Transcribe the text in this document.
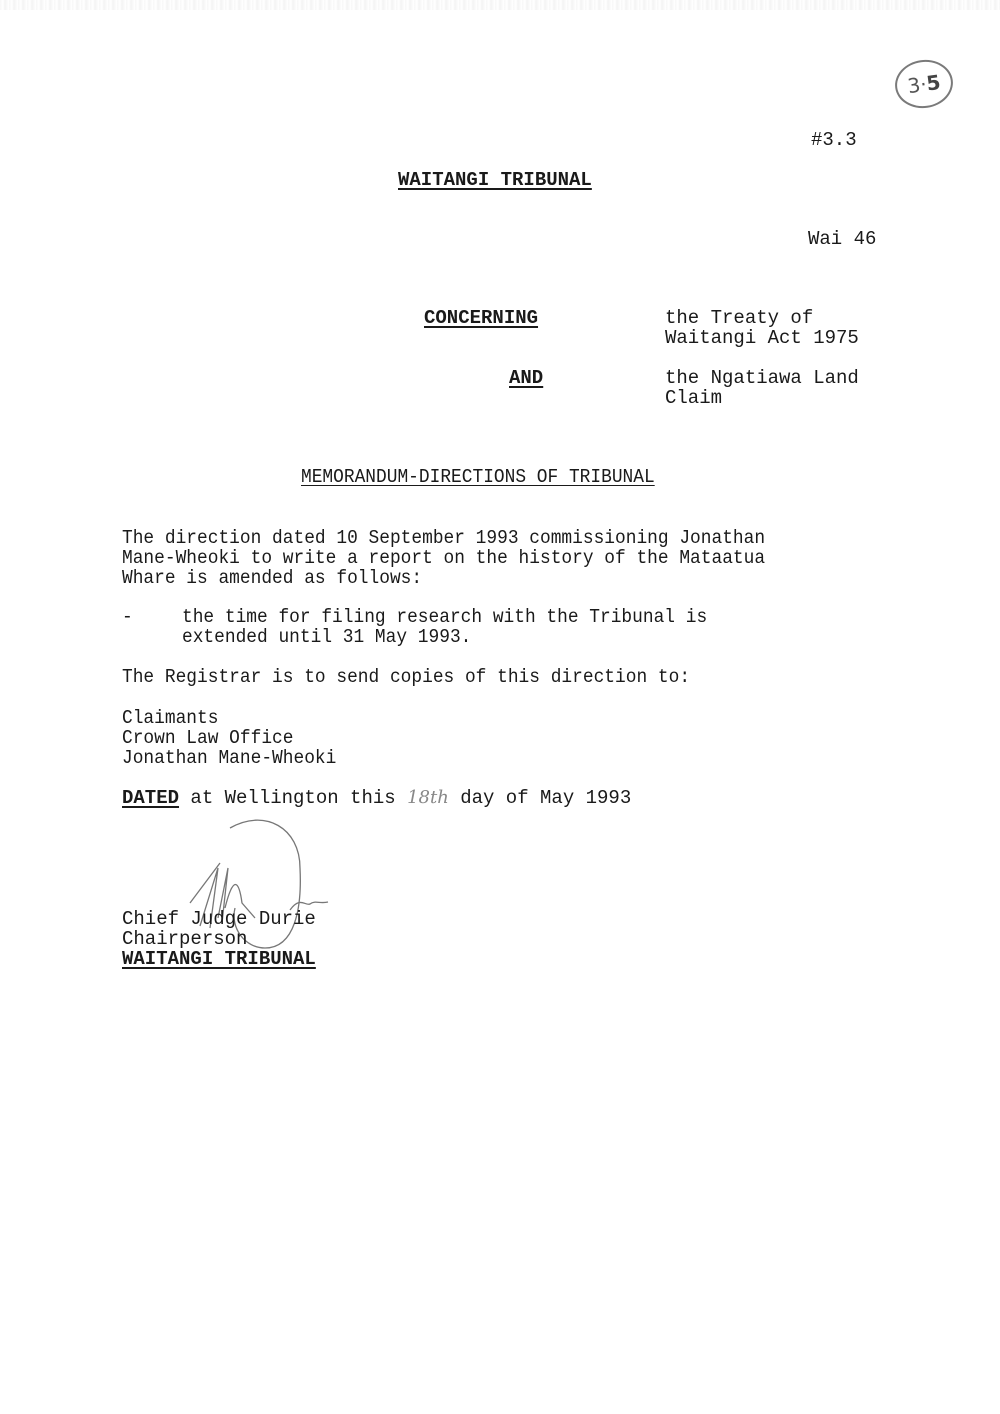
3·
5
#3.3
WAITANGI TRIBUNAL
Wai 46
CONCERNING	the Treaty of
Waitangi Act 1975
AND	the Ngatiawa Land
Claim
MEMORANDUM-DIRECTIONS OF TRIBUNAL
The direction dated 10 September 1993 commissioning Jonathan
Mane-Wheoki to write a report on the history of the Mataatua
Whare is amended as follows:
-	the time for filing research with the Tribunal is
extended until 31 May 1993.
The Registrar is to send copies of this direction to:
Claimants
Crown Law Office
Jonathan Mane-Wheoki
DATED at Wellington this 18th day of May 1993
Chief Judge Durie
Chairperson
WAITANGI TRIBUNAL
